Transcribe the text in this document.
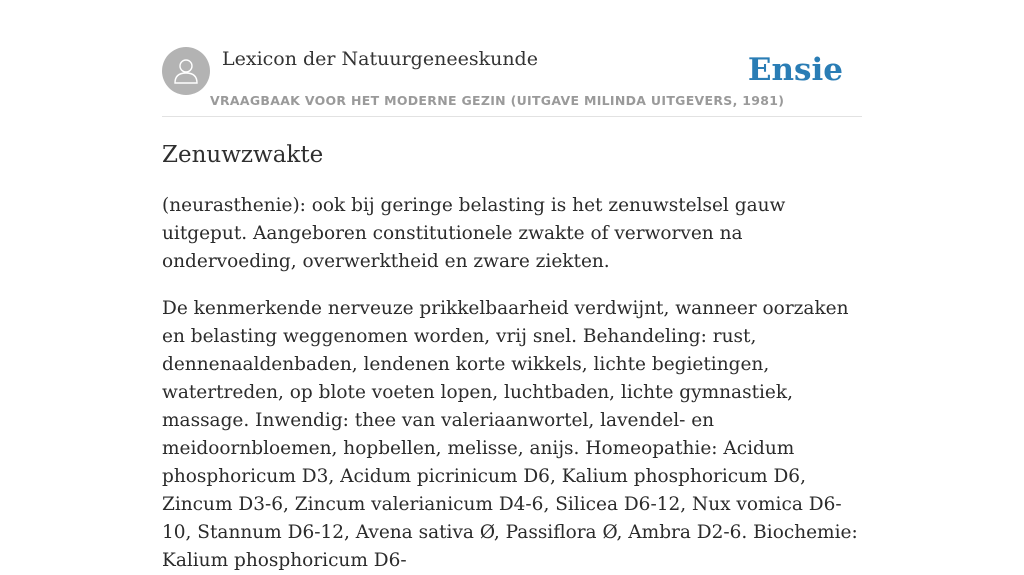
Lexicon der Natuurgeneeskunde
VRAAGBAAK VOOR HET MODERNE GEZIN (UITGAVE MILINDA UITGEVERS, 1981)
Ensie
Zenuwzwakte

(neurasthenie): ook bij geringe belasting is het zenuwstelsel gauw uitgeput. Aangeboren constitutionele zwakte of verworven na ondervoeding, overwerktheid en zware ziekten.

De kenmerkende nerveuze prikkelbaarheid verdwijnt, wanneer oorzaken en belasting weggenomen worden, vrij snel. Behandeling: rust, dennenaaldenbaden, lendenen korte wikkels, lichte begietingen, watertreden, op blote voeten lopen, luchtbaden, lichte gymnastiek, massage. Inwendig: thee van valeriaanwortel, lavendel- en meidoornbloemen, hopbellen, melisse, anijs. Homeopathie: Acidum phosphoricum D3, Acidum picrinicum D6, Kalium phosphoricum D6, Zincum D3-6, Zincum valerianicum D4-6, Silicea D6-12, Nux vomica D6-10, Stannum D6-12, Avena sativa Ø, Passiflora Ø, Ambra D2-6. Biochemie: Kalium phosphoricum D6-
